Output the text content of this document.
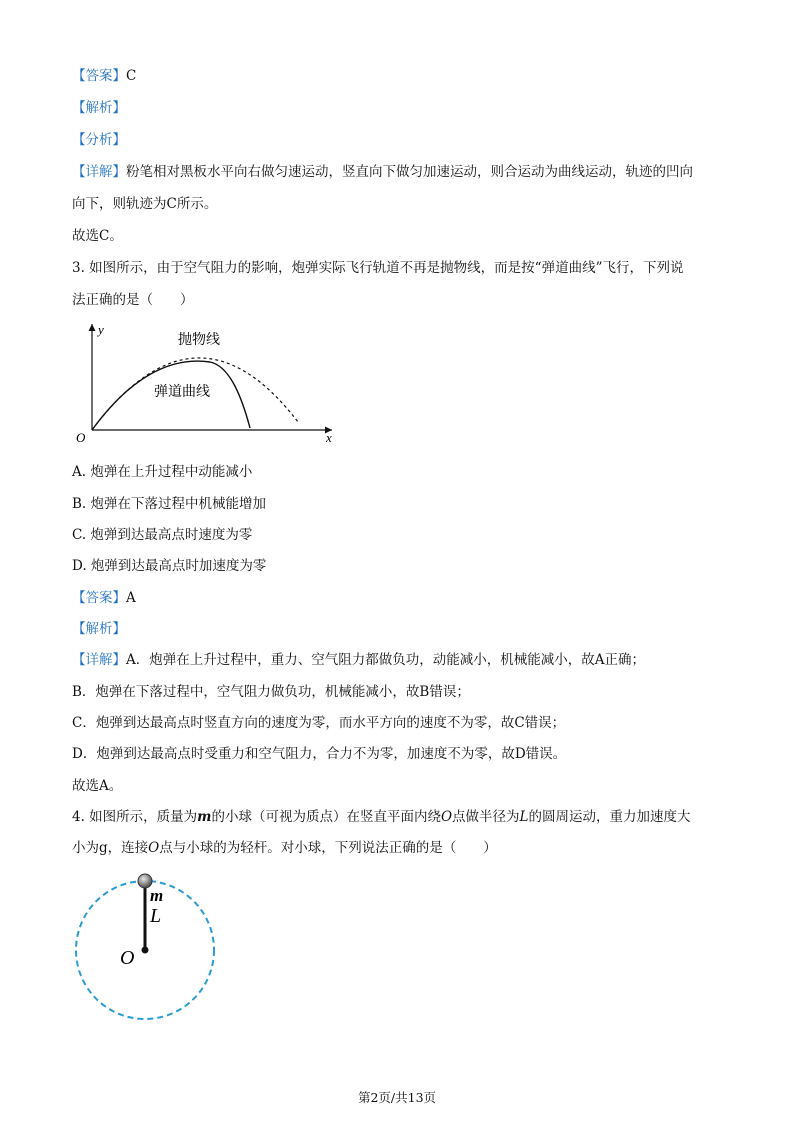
【答案】C
【解析】
【分析】
【详解】粉笔相对黑板水平向右做匀速运动，竖直向下做匀加速运动，则合运动为曲线运动，轨迹的凹向
向下，则轨迹为C所示。
故选C。
3. 如图所示，由于空气阻力的影响，炮弹实际飞行轨道不再是抛物线，而是按“弹道曲线”飞行，下列说
法正确的是（　　）
y
x
O
抛物线
弹道曲线
A. 炮弹在上升过程中动能减小
B. 炮弹在下落过程中机械能增加
C. 炮弹到达最高点时速度为零
D. 炮弹到达最高点时加速度为零
【答案】A
【解析】
【详解】A．炮弹在上升过程中，重力、空气阻力都做负功，动能减小，机械能减小，故A正确；
B．炮弹在下落过程中，空气阻力做负功，机械能减小，故B错误；
C．炮弹到达最高点时竖直方向的速度为零，而水平方向的速度不为零，故C错误；
D．炮弹到达最高点时受重力和空气阻力，合力不为零，加速度不为零，故D错误。
故选A。
4. 如图所示，质量为m的小球（可视为质点）在竖直平面内绕O点做半径为L的圆周运动，重力加速度大
小为g，连接O点与小球的为轻杆。对小球，下列说法正确的是（　　）
m
L
O
第2页/共13页
